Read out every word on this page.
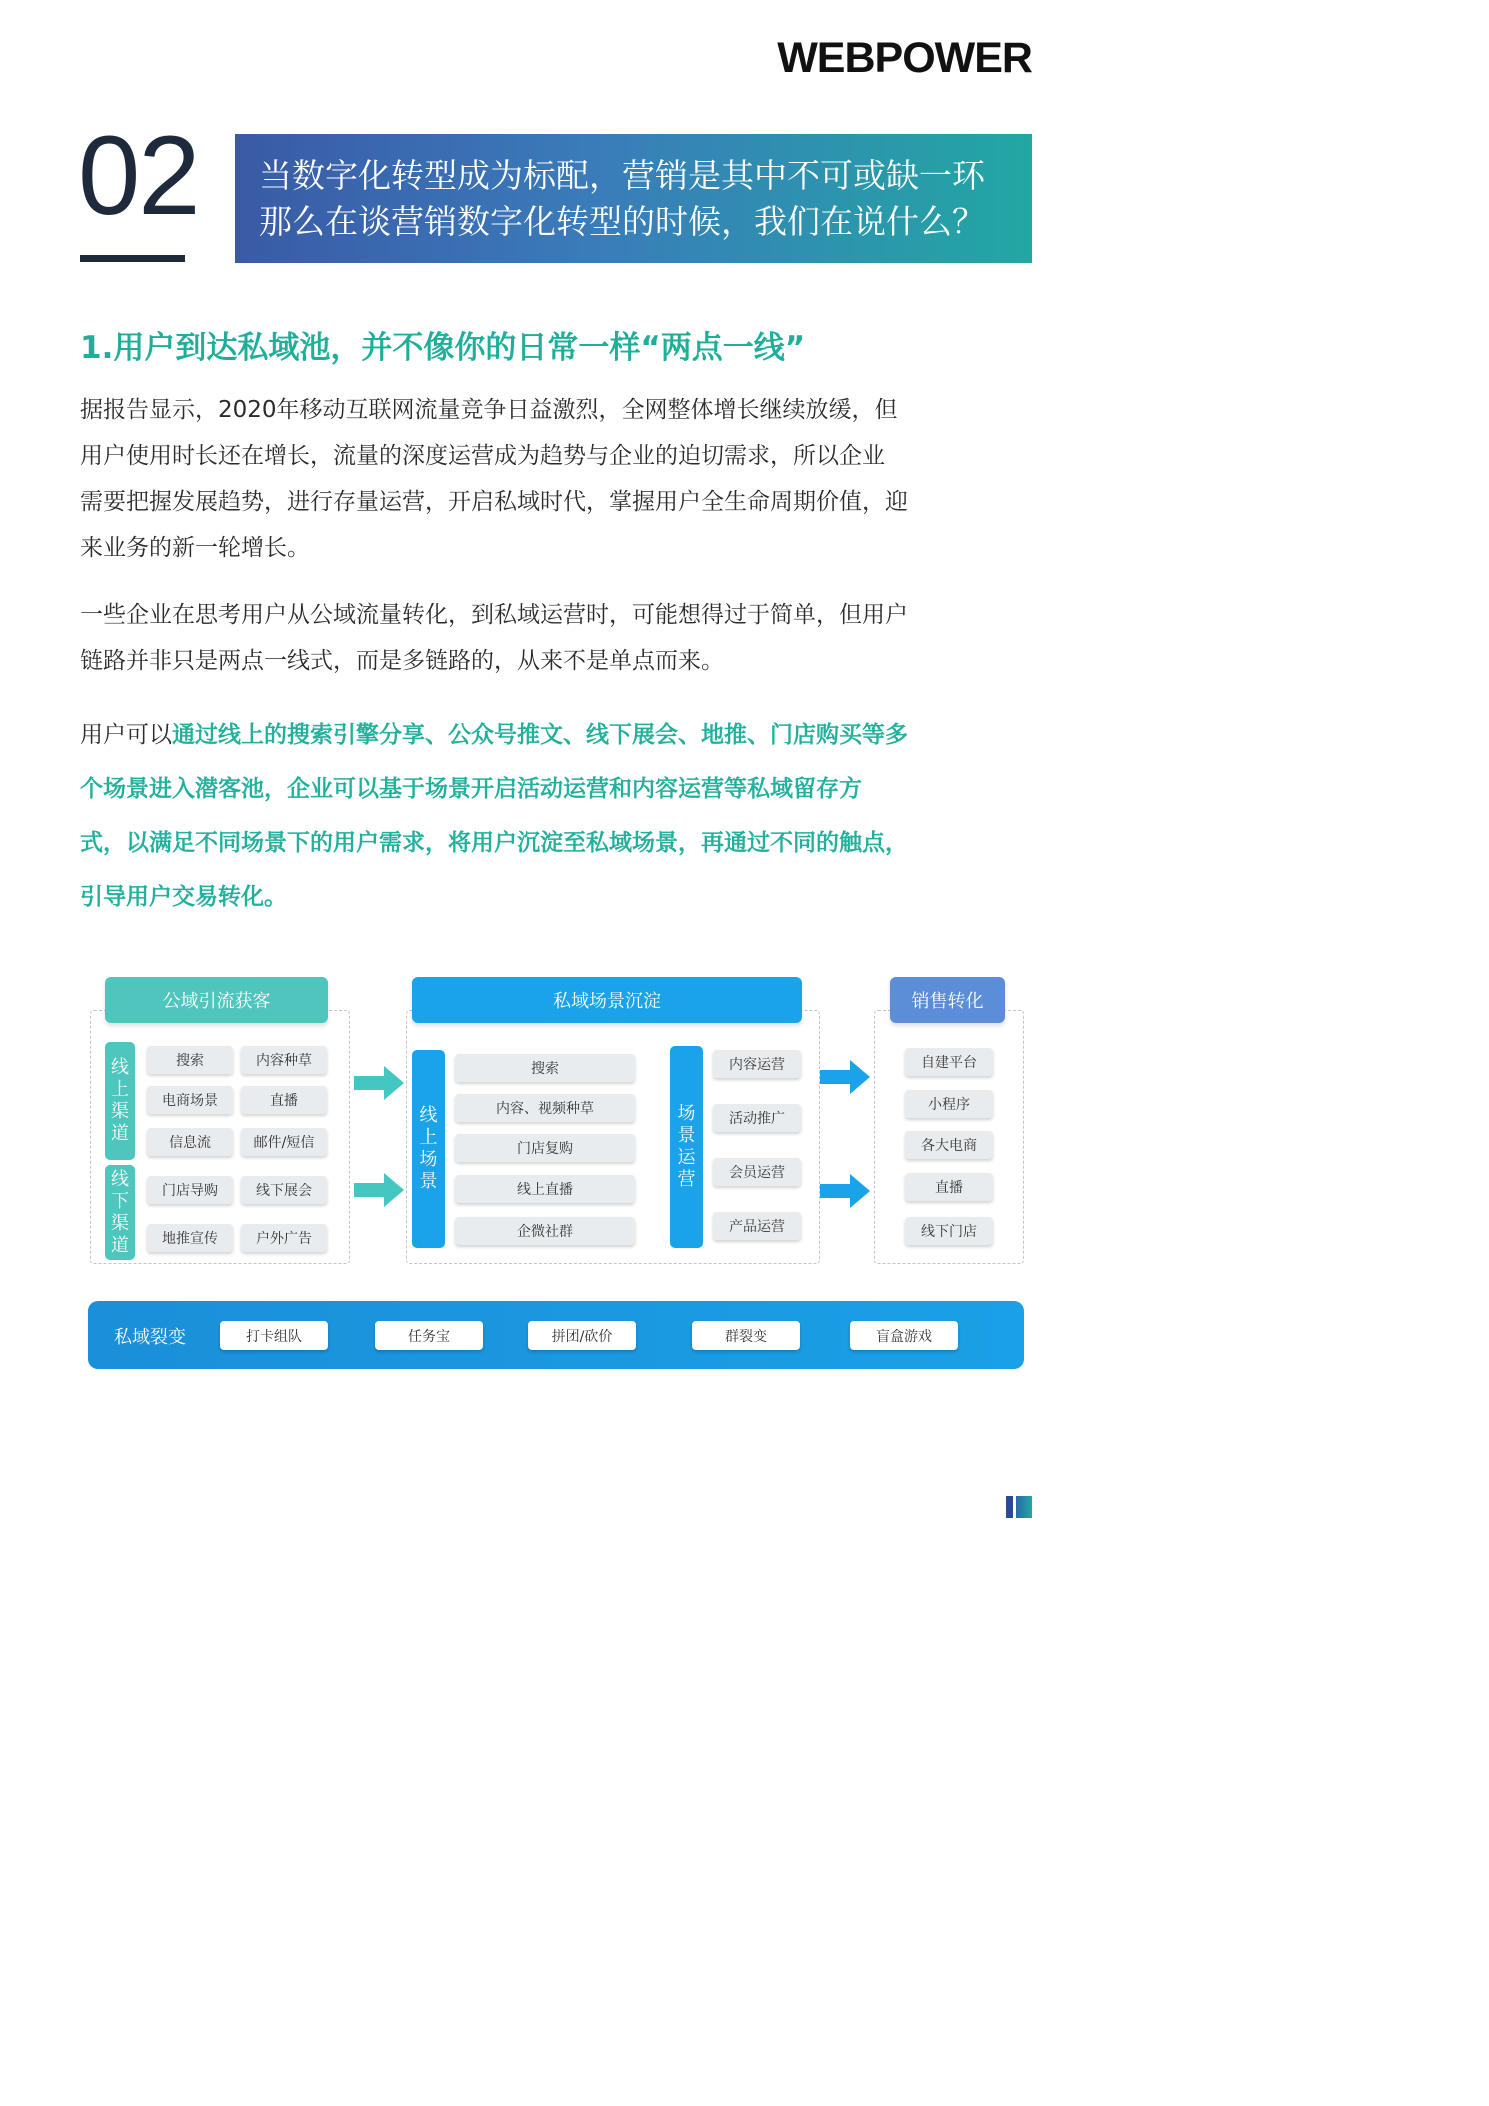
WEBPOWER
02 当数字化转型成为标配，营销是其中不可或缺一环
那么在谈营销数字化转型的时候，我们在说什么？
1.用户到达私域池，并不像你的日常一样“两点一线”
据报告显示，2020年移动互联网流量竞争日益激烈，全网整体增长继续放缓，但
用户使用时长还在增长，流量的深度运营成为趋势与企业的迫切需求，所以企业
需要把握发展趋势，进行存量运营，开启私域时代，掌握用户全生命周期价值，迎
来业务的新一轮增长。
一些企业在思考用户从公域流量转化，到私域运营时，可能想得过于简单，但用户
链路并非只是两点一线式，而是多链路的，从来不是单点而来。
用户可以通过线上的搜索引擎分享、公众号推文、线下展会、地推、门店购买等多
个场景进入潜客池，企业可以基于场景开启活动运营和内容运营等私域留存方
式，以满足不同场景下的用户需求，将用户沉淀至私域场景，再通过不同的触点，
引导用户交易转化。
公域引流获客
线上渠道
线下渠道
搜索	内容种草
电商场景	直播
信息流	邮件/短信
门店导购	线下展会
地推宣传	户外广告
私域场景沉淀
线上场景
搜索
内容、视频种草
门店复购
线上直播
企微社群
场景运营
内容运营
活动推广
会员运营
产品运营
销售转化
自建平台
小程序
各大电商
直播
线下门店
私域裂变	打卡组队	任务宝	拼团/砍价	群裂变	盲盒游戏
